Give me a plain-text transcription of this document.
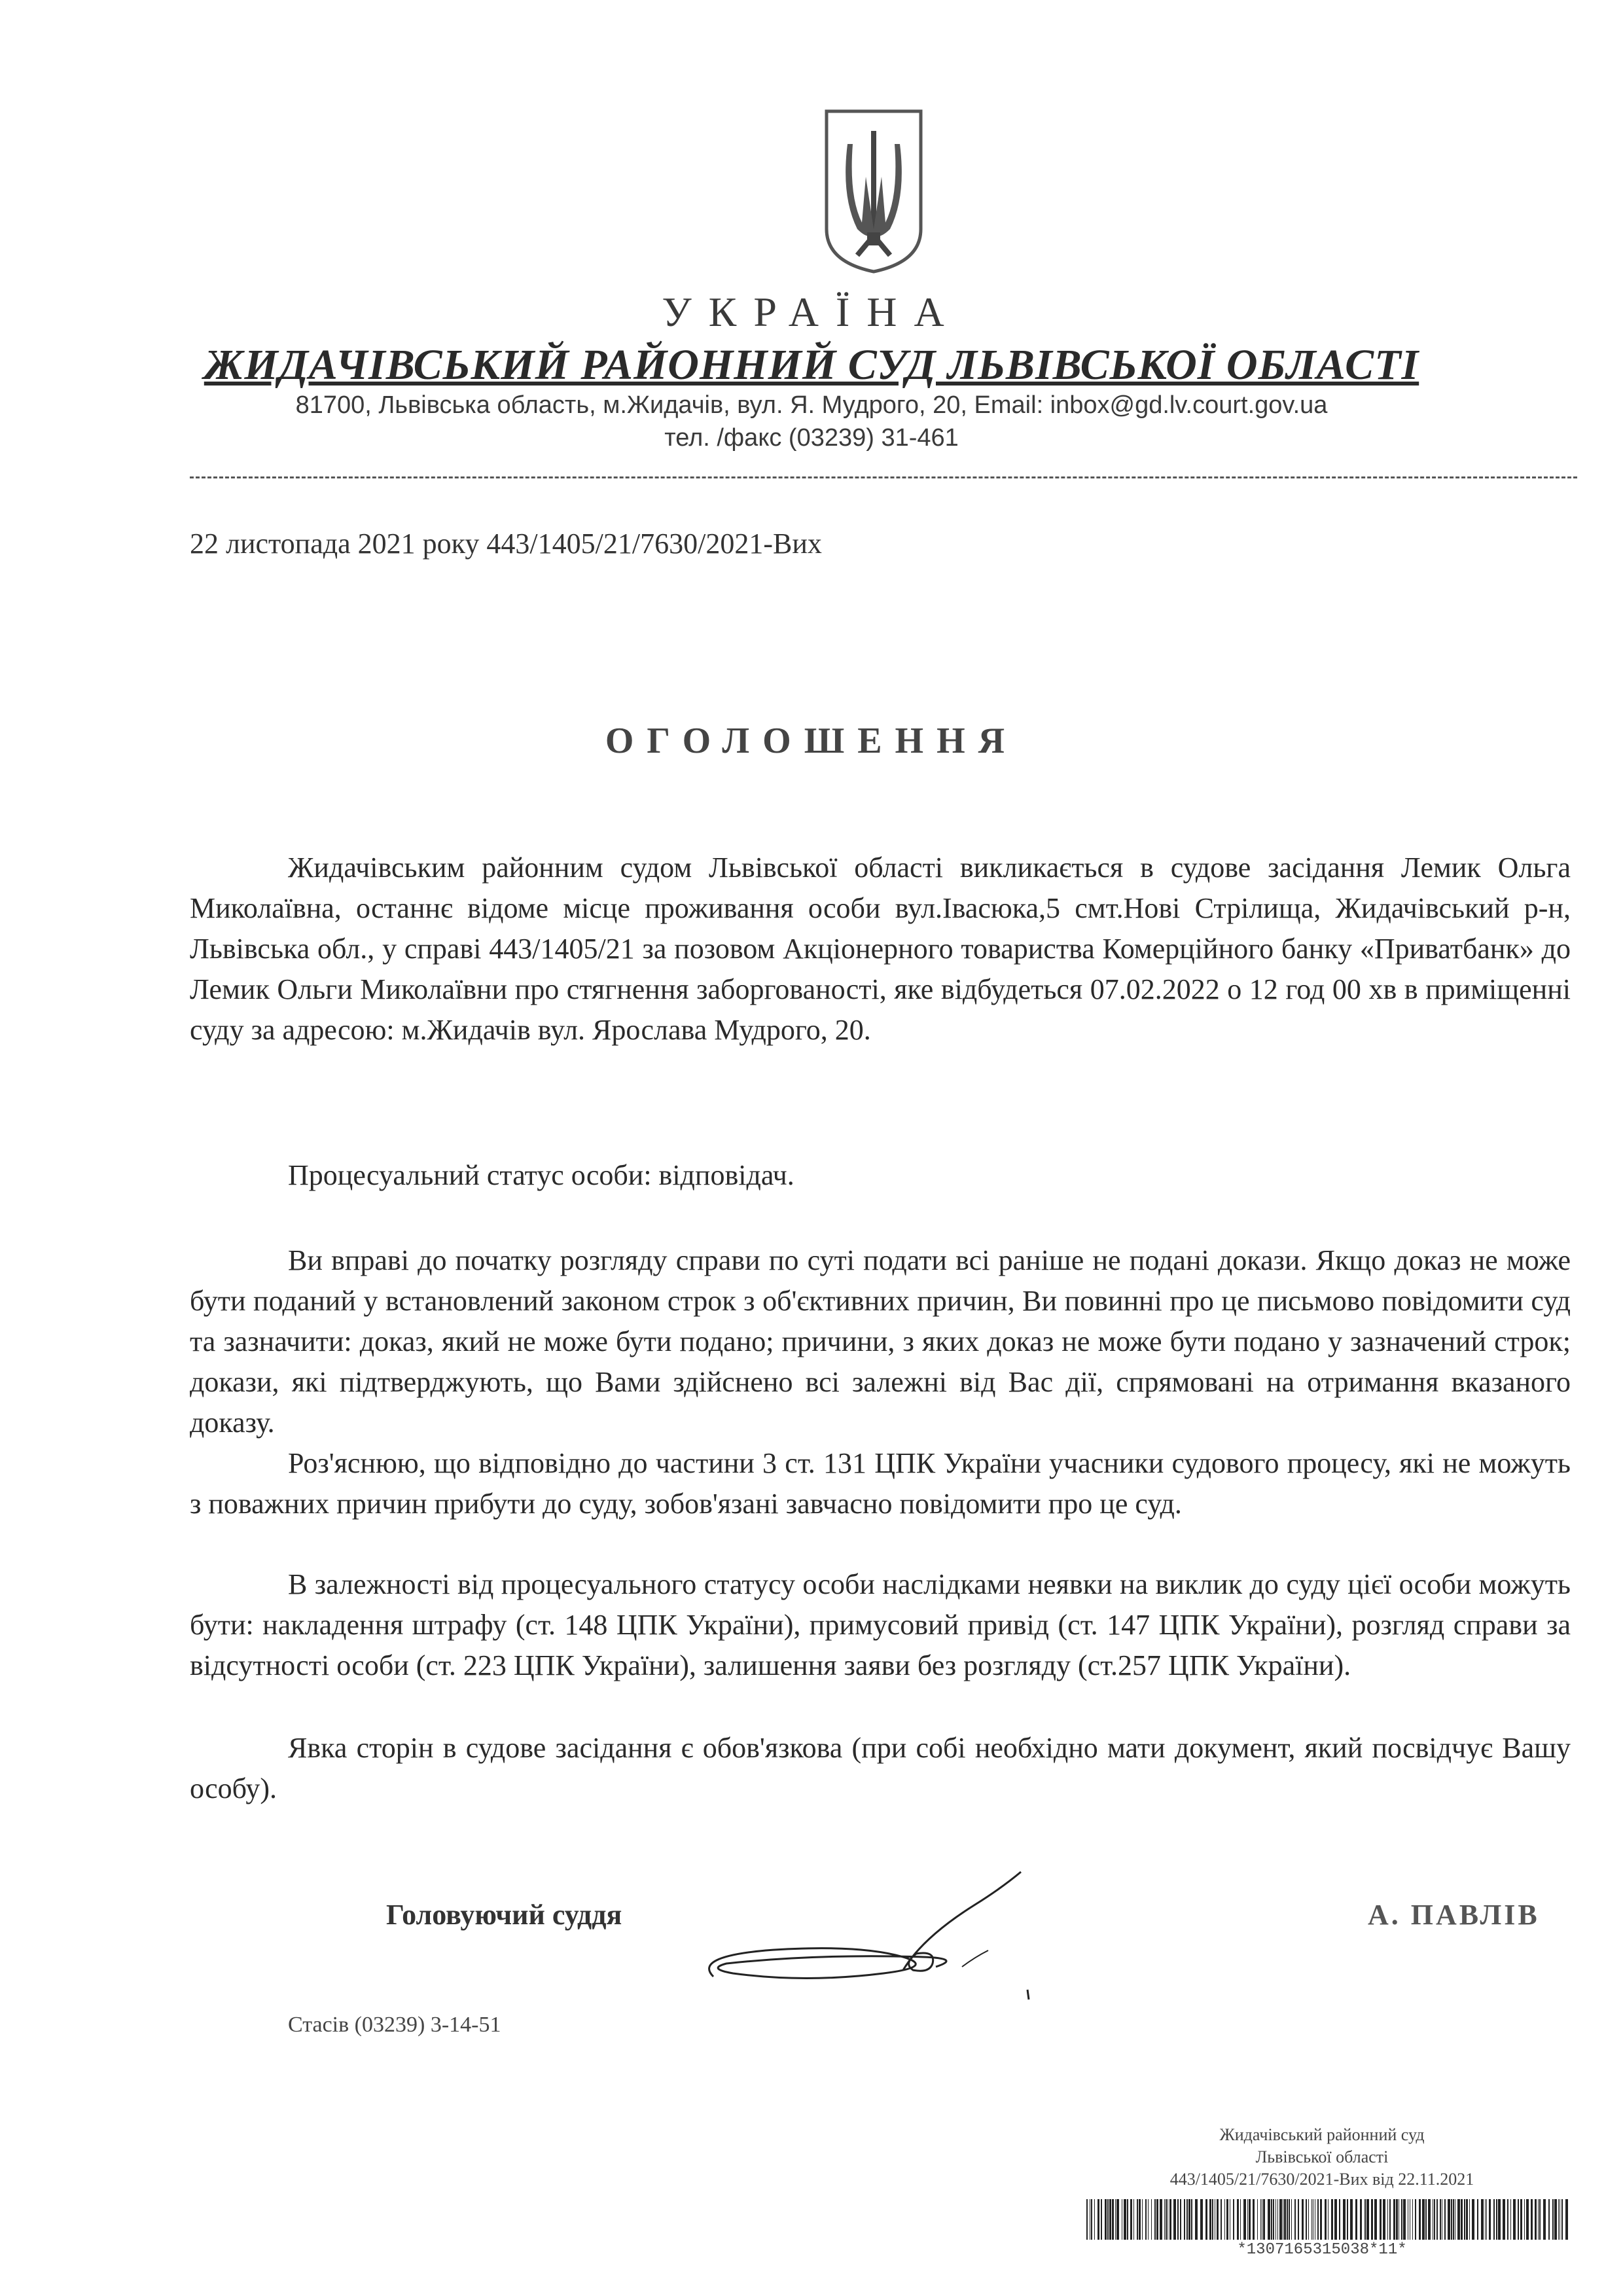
УКРАЇНА
ЖИДАЧІВСЬКИЙ РАЙОННИЙ СУД ЛЬВІВСЬКОЇ ОБЛАСТІ
81700, Львівська область, м.Жидачів, вул. Я. Мудрого, 20, Email: inbox@gd.lv.court.gov.ua
тел. /факс (03239) 31-461
22 листопада 2021 року 443/1405/21/7630/2021-Вих
ОГОЛОШЕННЯ

Жидачівським районним судом Львівської області викликається в судове засідання Лемик Ольга Миколаївна, останнє відоме місце проживання особи вул.Івасюка,5 смт.Нові Стрілища, Жидачівський р-н, Львівська обл., у справі 443/1405/21 за позовом Акціонерного товариства Комерційного банку «Приватбанк» до Лемик Ольги Миколаївни про стягнення заборгованості, яке відбудеться 07.02.2022 о 12 год 00 хв в приміщенні суду за адресою: м.Жидачів вул. Ярослава Мудрого, 20.

Процесуальний статус особи: відповідач.

Ви вправі до початку розгляду справи по суті подати всі раніше не подані докази. Якщо доказ не може бути поданий у встановлений законом строк з об'єктивних причин, Ви повинні про це письмово повідомити суд та зазначити: доказ, який не може бути подано; причини, з яких доказ не може бути подано у зазначений строк; докази, які підтверджують, що Вами здійснено всі залежні від Вас дії, спрямовані на отримання вказаного доказу.

Роз'яснюю, що відповідно до частини 3 ст. 131 ЦПК України учасники судового процесу, які не можуть з поважних причин прибути до суду, зобов'язані завчасно повідомити про це суд.

В залежності від процесуального статусу особи наслідками неявки на виклик до суду цієї особи можуть бути: накладення штрафу (ст. 148 ЦПК України), примусовий привід (ст. 147 ЦПК України), розгляд справи за відсутності особи (ст. 223 ЦПК України), залишення заяви без розгляду (ст.257 ЦПК України).

Явка сторін в судове засідання є обов'язкова (при собі необхідно мати документ, який посвідчує Вашу особу).

Головуючий суддя	А. ПАВЛІВ
Стасів (03239) 3-14-51
Жидачівський районний суд
Львівської області
443/1405/21/7630/2021-Вих від 22.11.2021
*1307165315038*11*
